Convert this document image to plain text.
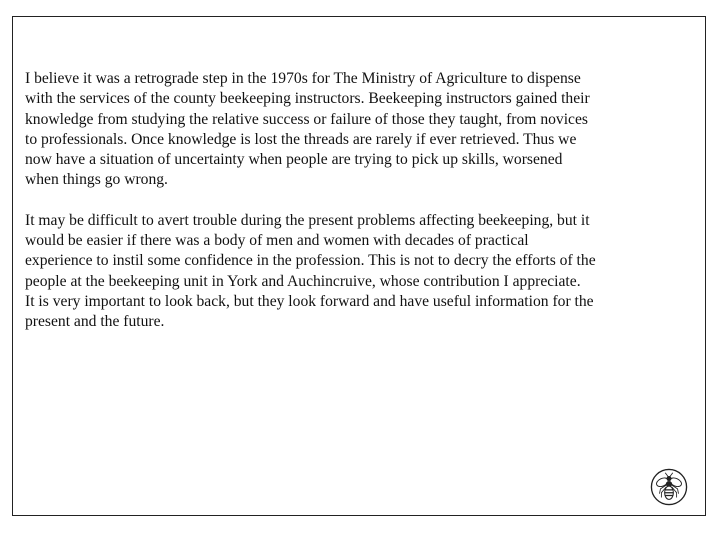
I believe it was a retrograde step in the 1970s for The Ministry of Agriculture to dispense
with the services of the county beekeeping instructors. Beekeeping instructors gained their
knowledge from studying the relative success or failure of those they taught, from novices
to professionals. Once knowledge is lost the threads are rarely if ever retrieved. Thus we
now have a situation of uncertainty when people are trying to pick up skills, worsened
when things go wrong.

It may be difficult to avert trouble during the present problems affecting beekeeping, but it
would be easier if there was a body of men and women with decades of practical
experience to instil some confidence in the profession. This is not to decry the efforts of the
people at the beekeeping unit in York and Auchincruive, whose contribution I appreciate.
It is very important to look back, but they look forward and have useful information for the
present and the future.
